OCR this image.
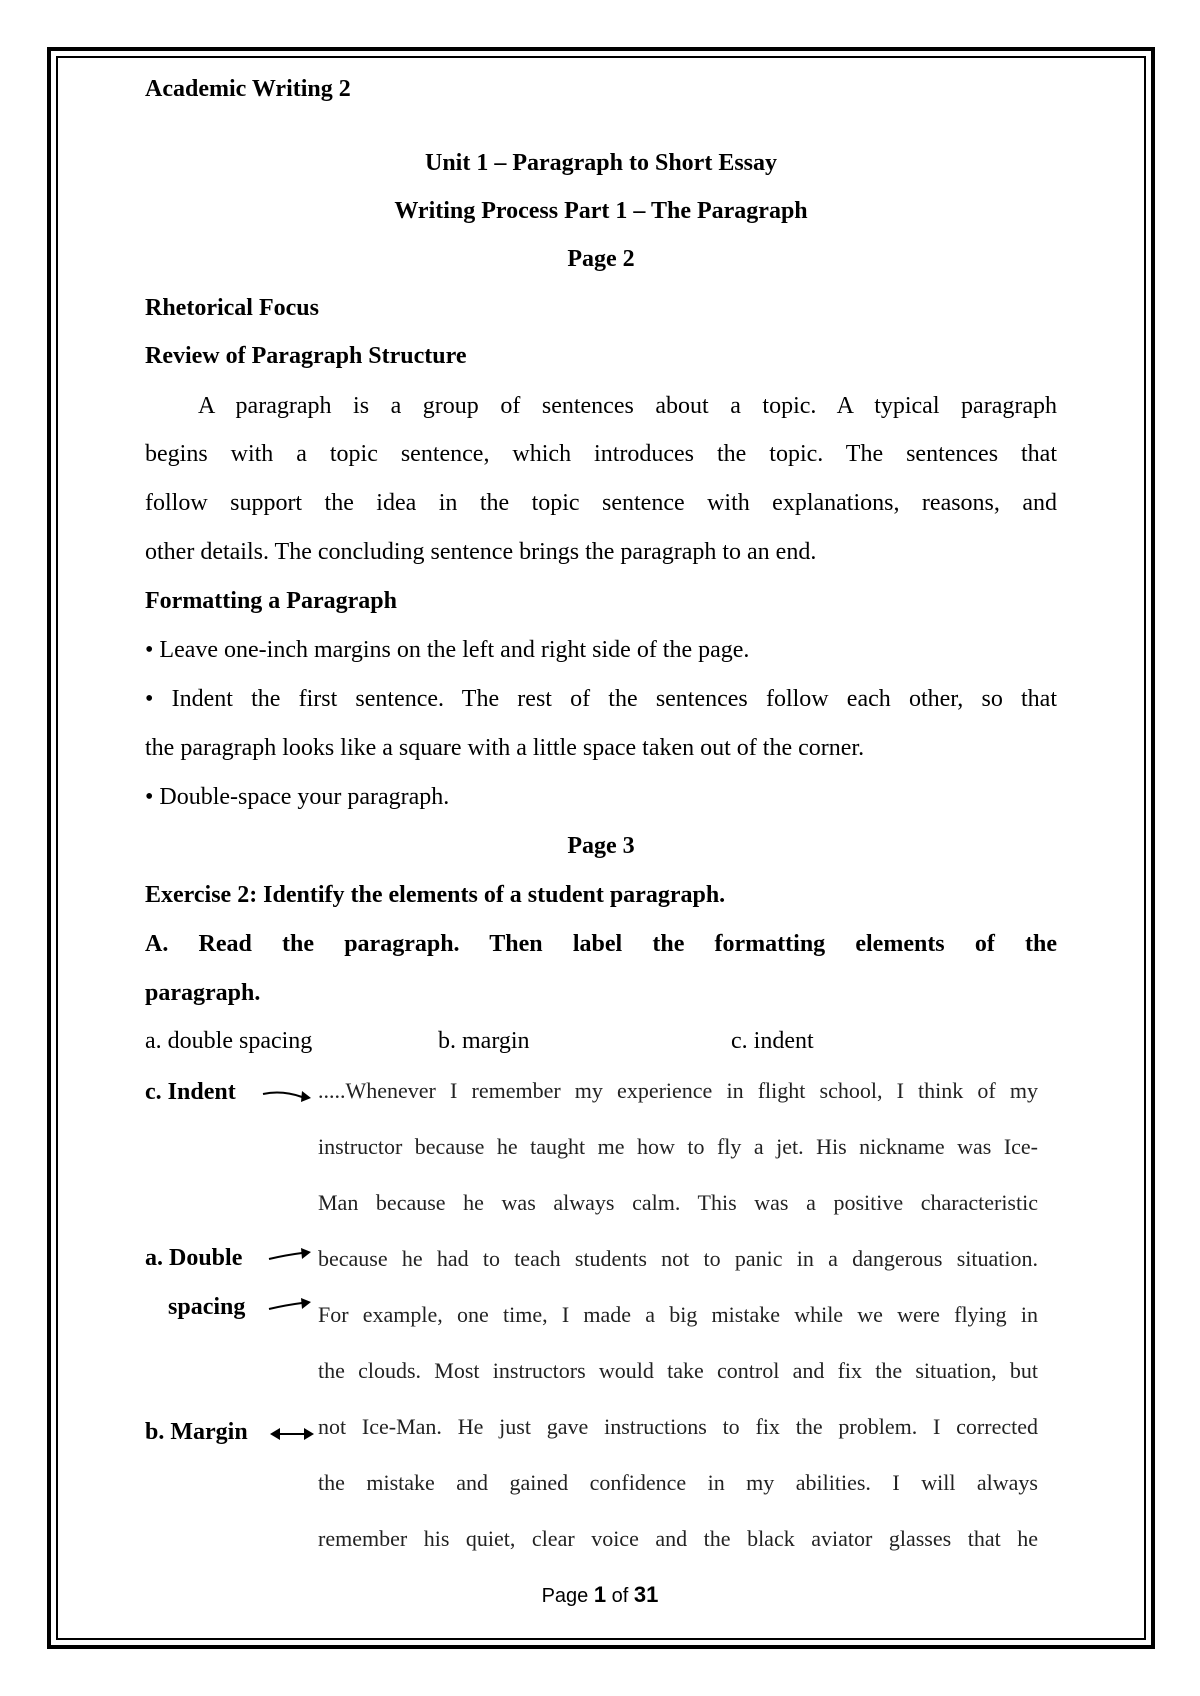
Academic Writing 2
Unit 1 – Paragraph to Short Essay
Writing Process Part 1 – The Paragraph
Page 2
Rhetorical Focus
Review of Paragraph Structure
A paragraph is a group of sentences about a topic. A typical paragraph
begins with a topic sentence, which introduces the topic. The sentences that
follow support the idea in the topic sentence with explanations, reasons, and
other details. The concluding sentence brings the paragraph to an end.
Formatting a Paragraph
• Leave one-inch margins on the left and right side of the page.
• Indent the first sentence. The rest of the sentences follow each other, so that
the paragraph looks like a square with a little space taken out of the corner.
• Double-space your paragraph.
Page 3
Exercise 2: Identify the elements of a student paragraph.
A. Read the paragraph. Then label the formatting elements of the
paragraph.
a. double spacing	b. margin	c. indent
c. Indent
a. Double
spacing
b. Margin
.....Whenever I remember my experience in flight school, I think of my
instructor because he taught me how to fly a jet. His nickname was Ice-
Man because he was always calm. This was a positive characteristic
because he had to teach students not to panic in a dangerous situation.
For example, one time, I made a big mistake while we were flying in
the clouds. Most instructors would take control and fix the situation, but
not Ice-Man. He just gave instructions to fix the problem. I corrected
the mistake and gained confidence in my abilities. I will always
remember his quiet, clear voice and the black aviator glasses that he
Page 1 of 31
